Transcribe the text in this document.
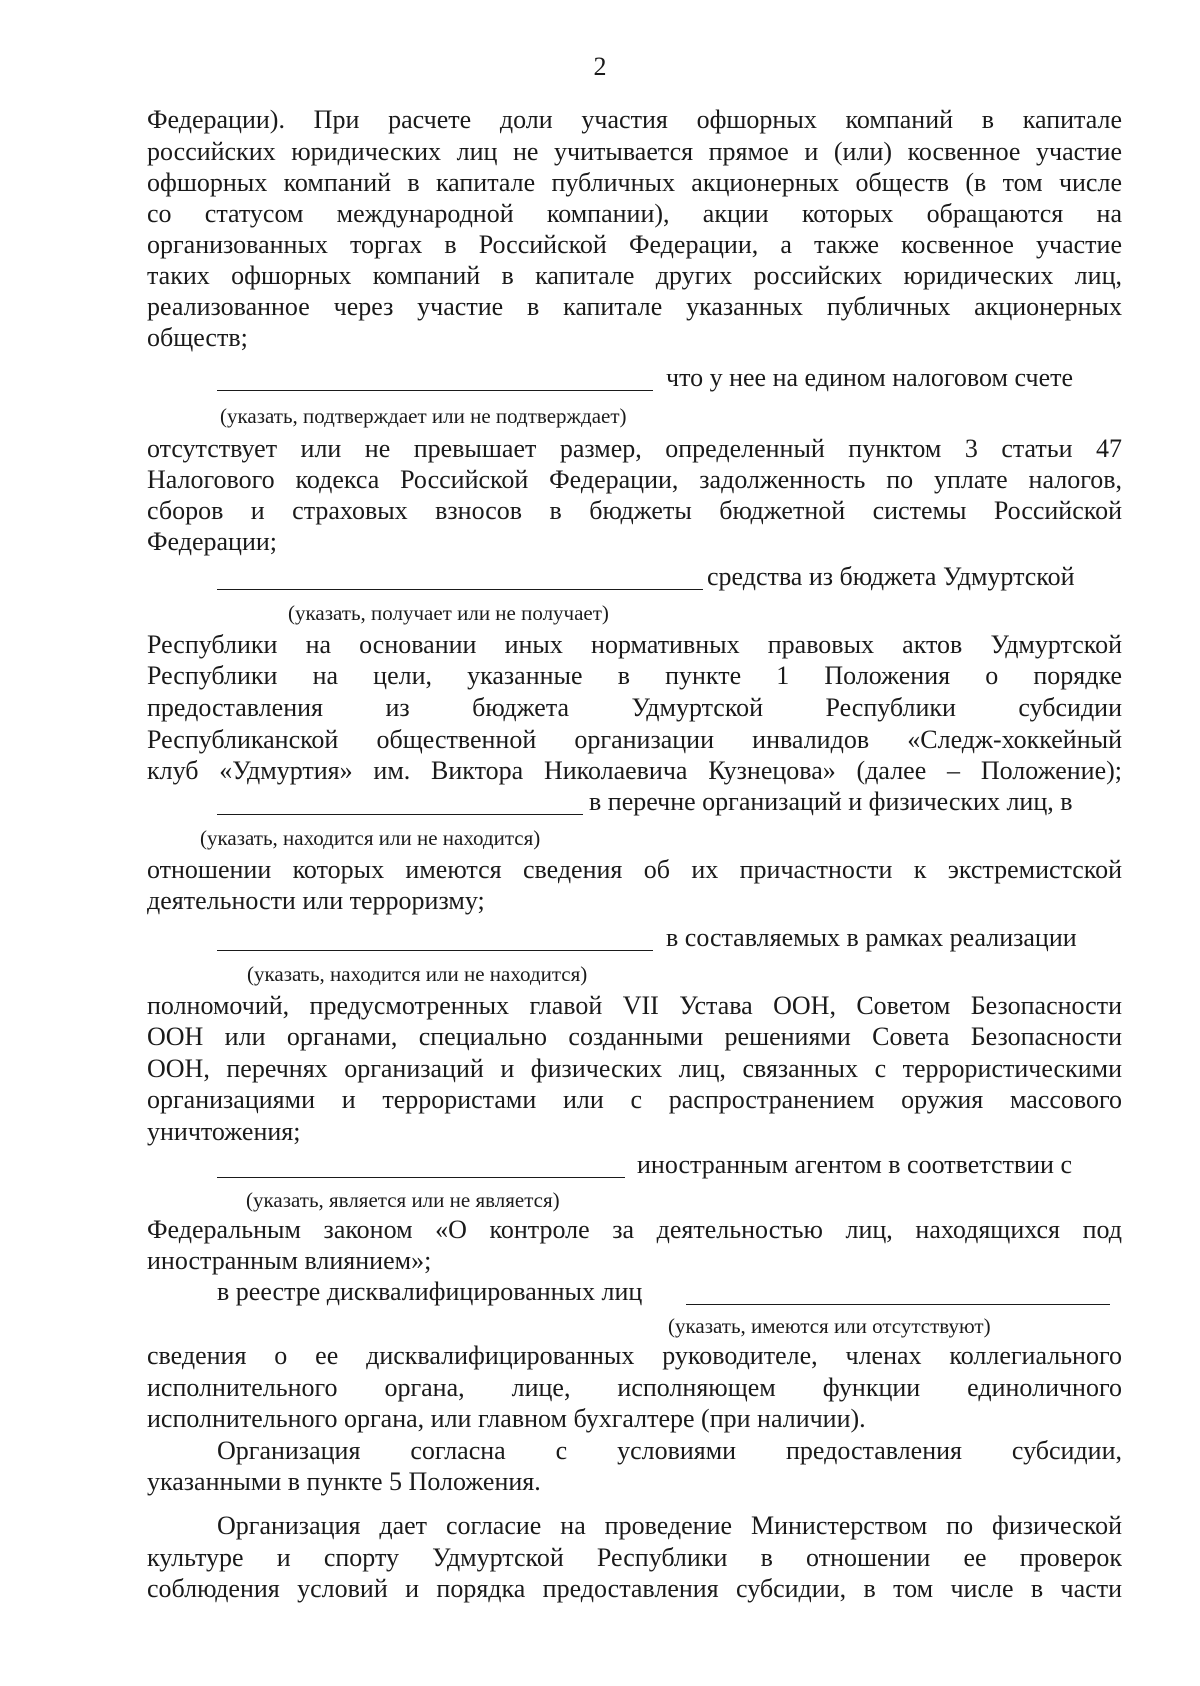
2
Федерации). При расчете доли участия офшорных компаний в капитале
российских юридических лиц не учитывается прямое и (или) косвенное участие
офшорных компаний в капитале публичных акционерных обществ (в том числе
со статусом международной компании), акции которых обращаются на
организованных торгах в Российской Федерации, а также косвенное участие
таких офшорных компаний в капитале других российских юридических лиц,
реализованное через участие в капитале указанных публичных акционерных
обществ;
что у нее на едином налоговом счете
(указать, подтверждает или не подтверждает)
отсутствует или не превышает размер, определенный пунктом 3 статьи 47
Налогового кодекса Российской Федерации, задолженность по уплате налогов,
сборов и страховых взносов в бюджеты бюджетной системы Российской
Федерации;
средства из бюджета Удмуртской
(указать, получает или не получает)
Республики на основании иных нормативных правовых актов Удмуртской
Республики на цели, указанные в пункте 1 Положения о порядке
предоставления из бюджета Удмуртской Республики субсидии
Республиканской общественной организации инвалидов «Следж-хоккейный
клуб «Удмуртия» им. Виктора Николаевича Кузнецова» (далее – Положение);
в перечне организаций и физических лиц, в
(указать, находится или не находится)
отношении которых имеются сведения об их причастности к экстремистской
деятельности или терроризму;
в составляемых в рамках реализации
(указать, находится или не находится)
полномочий, предусмотренных главой VII Устава ООН, Советом Безопасности
ООН или органами, специально созданными решениями Совета Безопасности
ООН, перечнях организаций и физических лиц, связанных с террористическими
организациями и террористами или с распространением оружия массового
уничтожения;
иностранным агентом в соответствии с
(указать, является или не является)
Федеральным законом «О контроле за деятельностью лиц, находящихся под
иностранным влиянием»;
в реестре дисквалифицированных лиц
(указать, имеются или отсутствуют)
сведения о ее дисквалифицированных руководителе, членах коллегиального
исполнительного органа, лице, исполняющем функции единоличного
исполнительного органа, или главном бухгалтере (при наличии).
Организация согласна с условиями предоставления субсидии,
указанными в пункте 5 Положения.
Организация дает согласие на проведение Министерством по физической
культуре и спорту Удмуртской Республики в отношении ее проверок
соблюдения условий и порядка предоставления субсидии, в том числе в части
